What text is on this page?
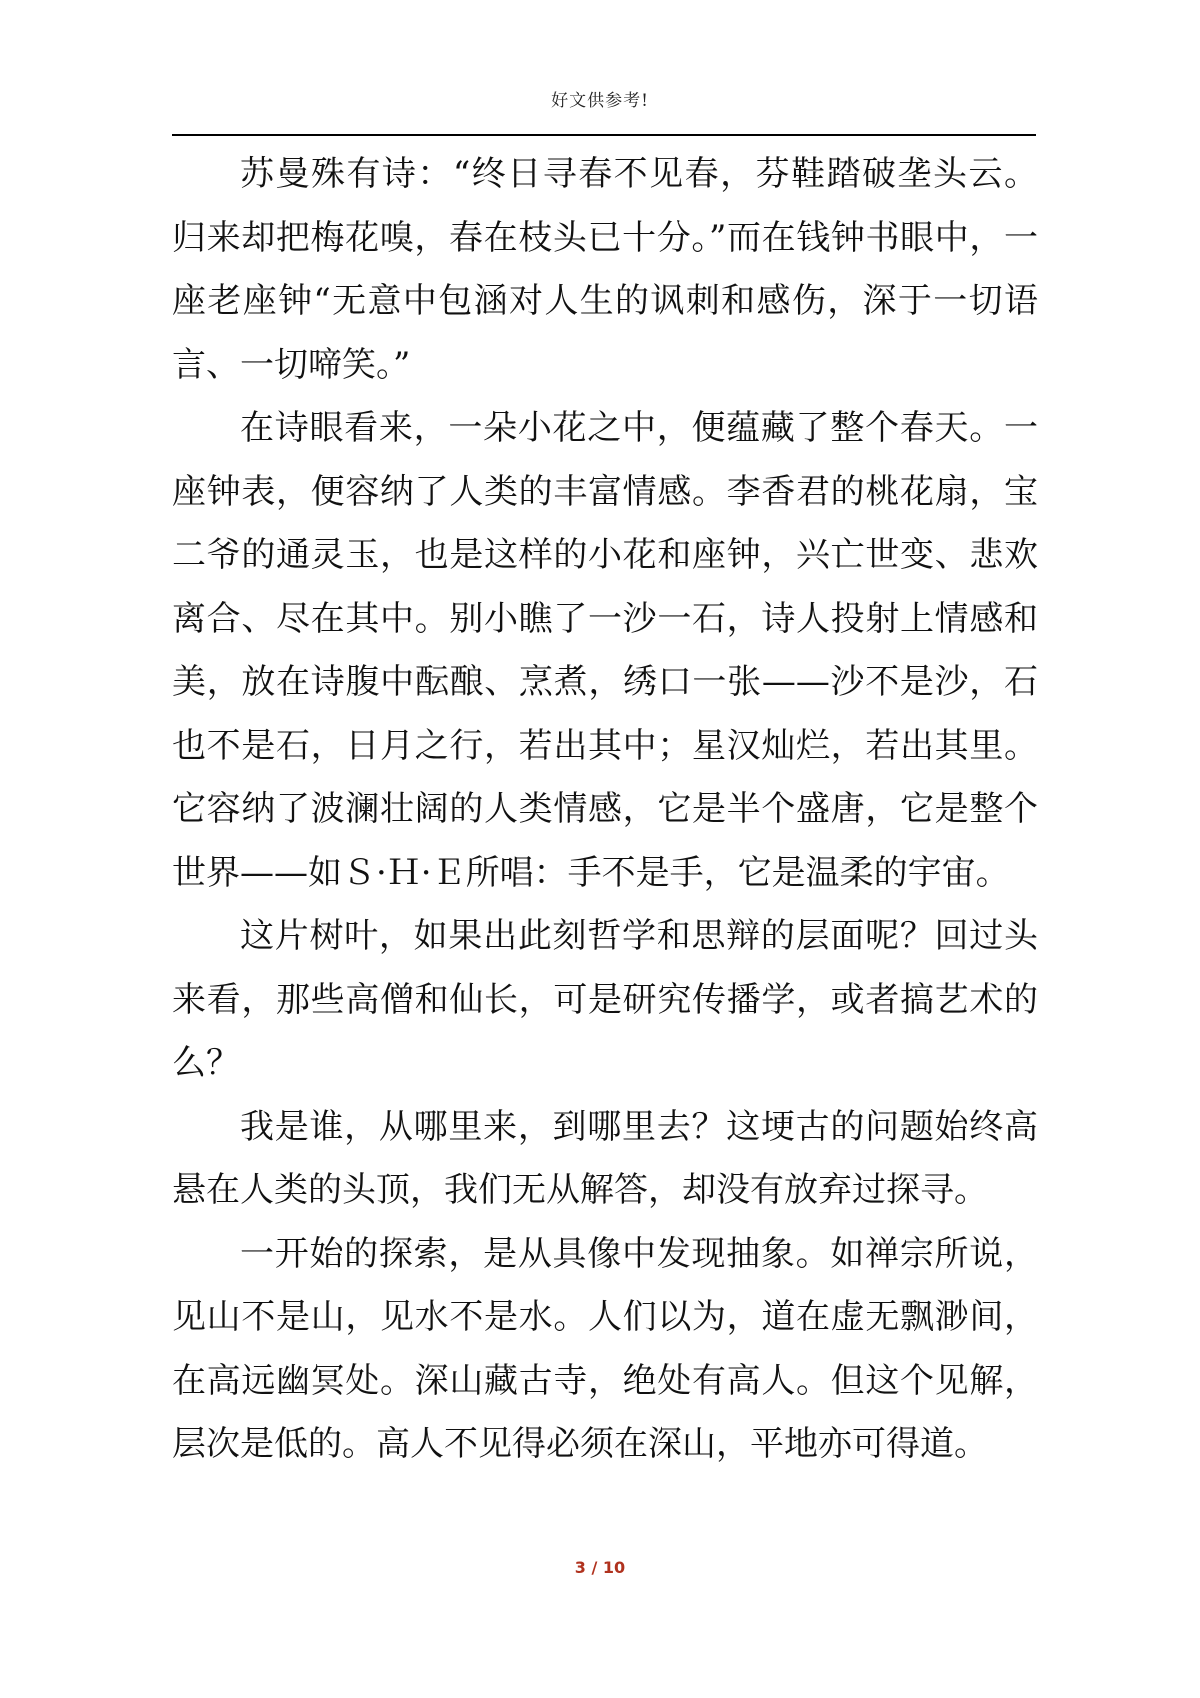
好文供参考!

苏曼殊有诗：“终日寻春不见春，芬鞋踏破垄头云。归来却把梅花嗅，春在枝头已十分。”而在钱钟书眼中，一座老座钟“无意中包涵对人生的讽刺和感伤，深于一切语言、一切啼笑。”

在诗眼看来，一朵小花之中，便蕴藏了整个春天。一座钟表，便容纳了人类的丰富情感。李香君的桃花扇，宝二爷的通灵玉，也是这样的小花和座钟，兴亡世变、悲欢离合、尽在其中。别小瞧了一沙一石，诗人投射上情感和美，放在诗腹中酝酿、烹煮，绣口一张——沙不是沙，石也不是石，日月之行，若出其中；星汉灿烂，若出其里。它容纳了波澜壮阔的人类情感，它是半个盛唐，它是整个世界——如Ｓ·Ｈ·Ｅ所唱：手不是手，它是温柔的宇宙。

这片树叶，如果出此刻哲学和思辩的层面呢？回过头来看，那些高僧和仙长，可是研究传播学，或者搞艺术的么？

我是谁，从哪里来，到哪里去？这埂古的问题始终高悬在人类的头顶，我们无从解答，却没有放弃过探寻。

一开始的探索，是从具像中发现抽象。如禅宗所说，见山不是山，见水不是水。人们以为，道在虚无飘渺间，在高远幽冥处。深山藏古寺，绝处有高人。但这个见解，层次是低的。高人不见得必须在深山，平地亦可得道。

3 / 10
